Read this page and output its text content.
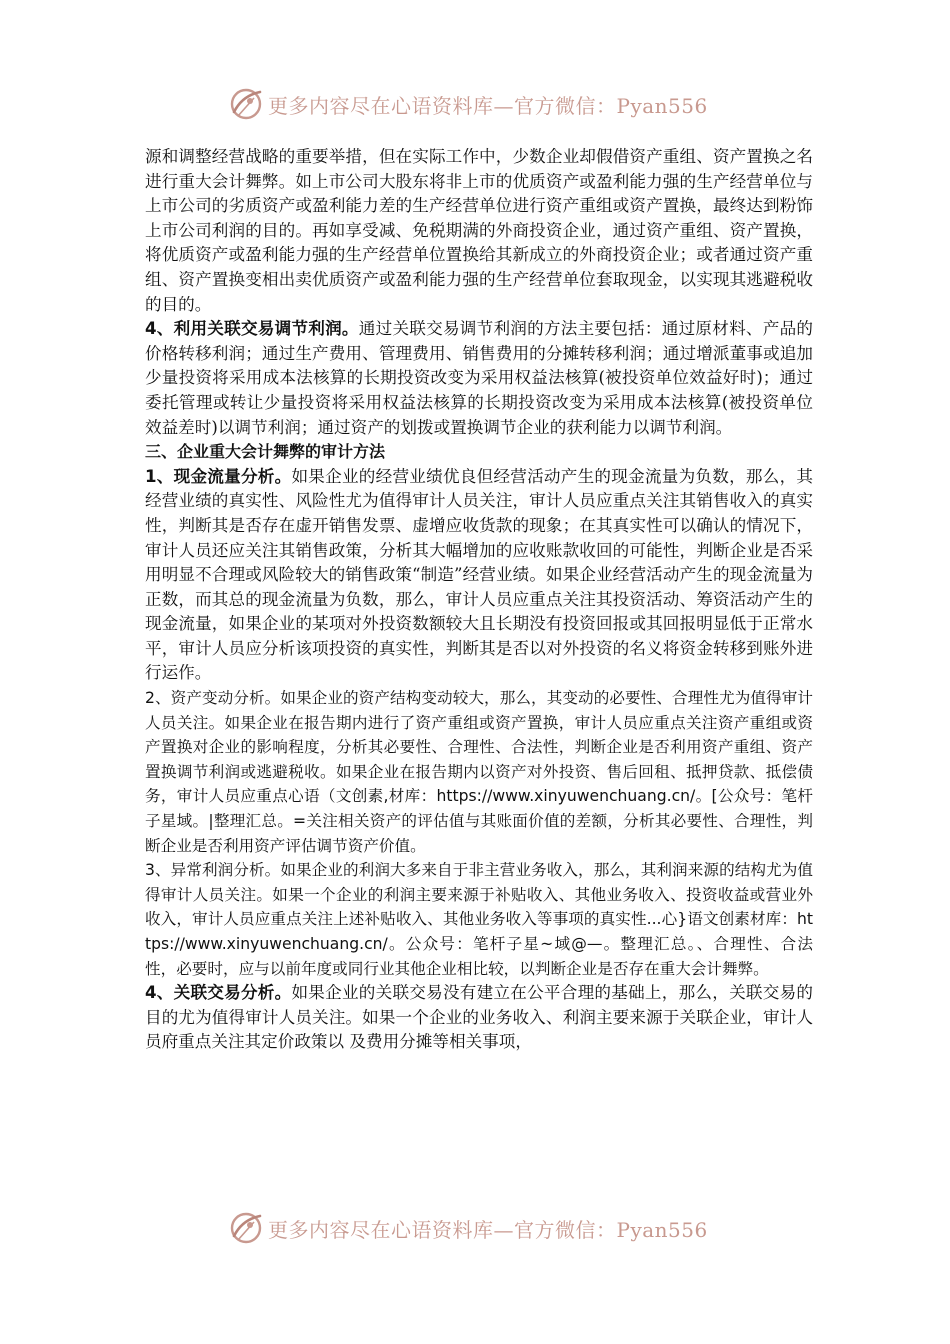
更多内容尽在心语资料库—官方微信：Pyan556

源和调整经营战略的重要举措，但在实际工作中，少数企业却假借资产重组、资产置换之名进行重大会计舞弊。如上市公司大股东将非上市的优质资产或盈利能力强的生产经营单位与上市公司的劣质资产或盈利能力差的生产经营单位进行资产重组或资产置换，最终达到粉饰上市公司利润的目的。再如享受减、免税期满的外商投资企业，通过资产重组、资产置换，将优质资产或盈利能力强的生产经营单位置换给其新成立的外商投资企业；或者通过资产重组、资产置换变相出卖优质资产或盈利能力强的生产经营单位套取现金，以实现其逃避税收的目的。

4、利用关联交易调节利润。通过关联交易调节利润的方法主要包括：通过原材料、产品的价格转移利润；通过生产费用、管理费用、销售费用的分摊转移利润；通过增派董事或追加少量投资将采用成本法核算的长期投资改变为采用权益法核算(被投资单位效益好时)；通过委托管理或转让少量投资将采用权益法核算的长期投资改变为采用成本法核算(被投资单位效益差时)以调节利润；通过资产的划拨或置换调节企业的获利能力以调节利润。

三、企业重大会计舞弊的审计方法

1、现金流量分析。如果企业的经营业绩优良但经营活动产生的现金流量为负数，那么，其经营业绩的真实性、风险性尤为值得审计人员关注，审计人员应重点关注其销售收入的真实性，判断其是否存在虚开销售发票、虚增应收货款的现象；在其真实性可以确认的情况下，审计人员还应关注其销售政策，分析其大幅增加的应收账款收回的可能性，判断企业是否采用明显不合理或风险较大的销售政策“制造”经营业绩。如果企业经营活动产生的现金流量为正数，而其总的现金流量为负数，那么，审计人员应重点关注其投资活动、筹资活动产生的现金流量，如果企业的某项对外投资数额较大且长期没有投资回报或其回报明显低于正常水平，审计人员应分析该项投资的真实性，判断其是否以对外投资的名义将资金转移到账外进行运作。

2、资产变动分析。如果企业的资产结构变动较大，那么，其变动的必要性、合理性尤为值得审计人员关注。如果企业在报告期内进行了资产重组或资产置换，审计人员应重点关注资产重组或资产置换对企业的影响程度，分析其必要性、合理性、合法性，判断企业是否利用资产重组、资产置换调节利润或逃避税收。如果企业在报告期内以资产对外投资、售后回租、抵押贷款、抵偿债务，审计人员应重点心语（文创素,材库：https://www.xinyuwenchuang.cn/。[公众号：笔杆子星域。|整理汇总。=关注相关资产的评估值与其账面价值的差额，分析其必要性、合理性，判断企业是否利用资产评估调节资产价值。

3、异常利润分析。如果企业的利润大多来自于非主营业务收入，那么，其利润来源的结构尤为值得审计人员关注。如果一个企业的利润主要来源于补贴收入、其他业务收入、投资收益或营业外收入，审计人员应重点关注上述补贴收入、其他业务收入等事项的真实性...心}语文创素材库：https://www.xinyuwenchuang.cn/。公众号：笔杆子星~域@—。整理汇总。、合理性、合法性，必要时，应与以前年度或同行业其他企业相比较，以判断企业是否存在重大会计舞弊。

4、关联交易分析。如果企业的关联交易没有建立在公平合理的基础上，那么，关联交易的目的尤为值得审计人员关注。如果一个企业的业务收入、利润主要来源于关联企业，审计人员府重点关注其定价政策以 及费用分摊等相关事项，

更多内容尽在心语资料库—官方微信：Pyan556
